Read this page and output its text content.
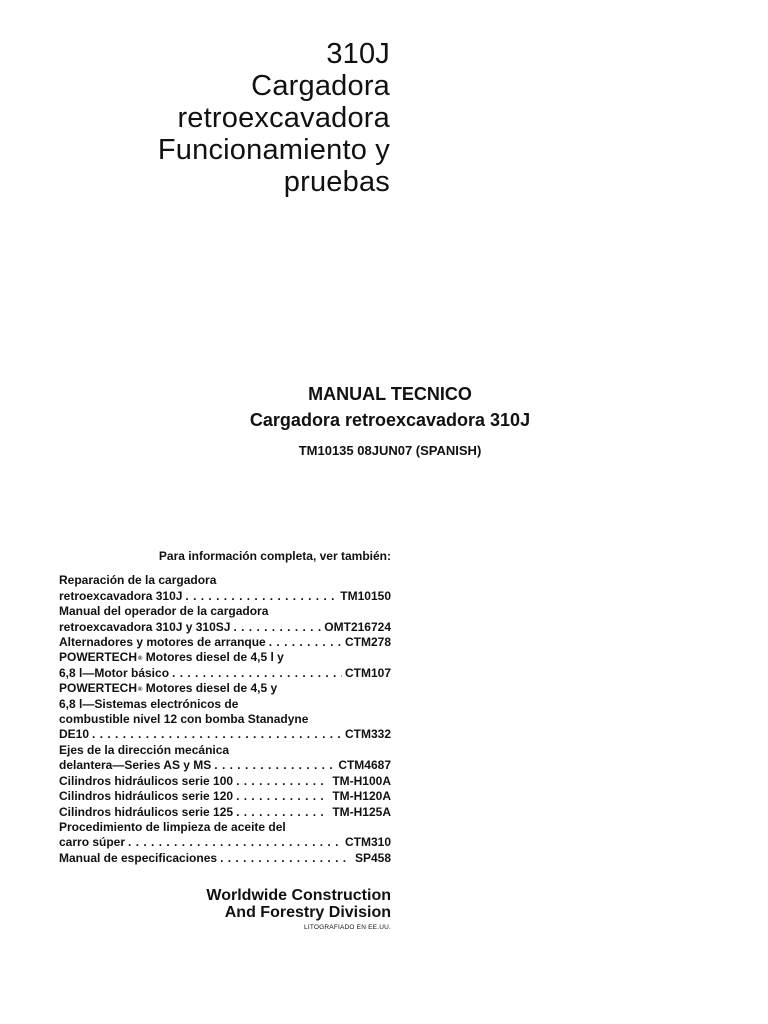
310J
Cargadora
retroexcavadora
Funcionamiento y
pruebas
MANUAL TECNICO
Cargadora retroexcavadora 310J
TM10135 08JUN07 (SPANISH)
Para información completa, ver también:
Reparación de la cargadora
retroexcavadora 310J . . .	TM10150
Manual del operador de la cargadora
retroexcavadora 310J y 310SJ . . .	OMT216724
Alternadores y motores de arranque . . .	CTM278
POWERTECH® Motores diesel de 4,5 l y
6,8 l—Motor básico . . .	CTM107
POWERTECH® Motores diesel de 4,5 y
6,8 l—Sistemas electrónicos de
combustible nivel 12 con bomba Stanadyne
DE10 . . .	CTM332
Ejes de la dirección mecánica
delantera—Series AS y MS . . .	CTM4687
Cilindros hidráulicos serie 100 . . .	TM-H100A
Cilindros hidráulicos serie 120 . . .	TM-H120A
Cilindros hidráulicos serie 125 . . .	TM-H125A
Procedimiento de limpieza de aceite del
carro súper . . .	CTM310
Manual de especificaciones . . .	SP458
Worldwide Construction
And Forestry Division
LITOGRAFIADO EN EE.UU.
